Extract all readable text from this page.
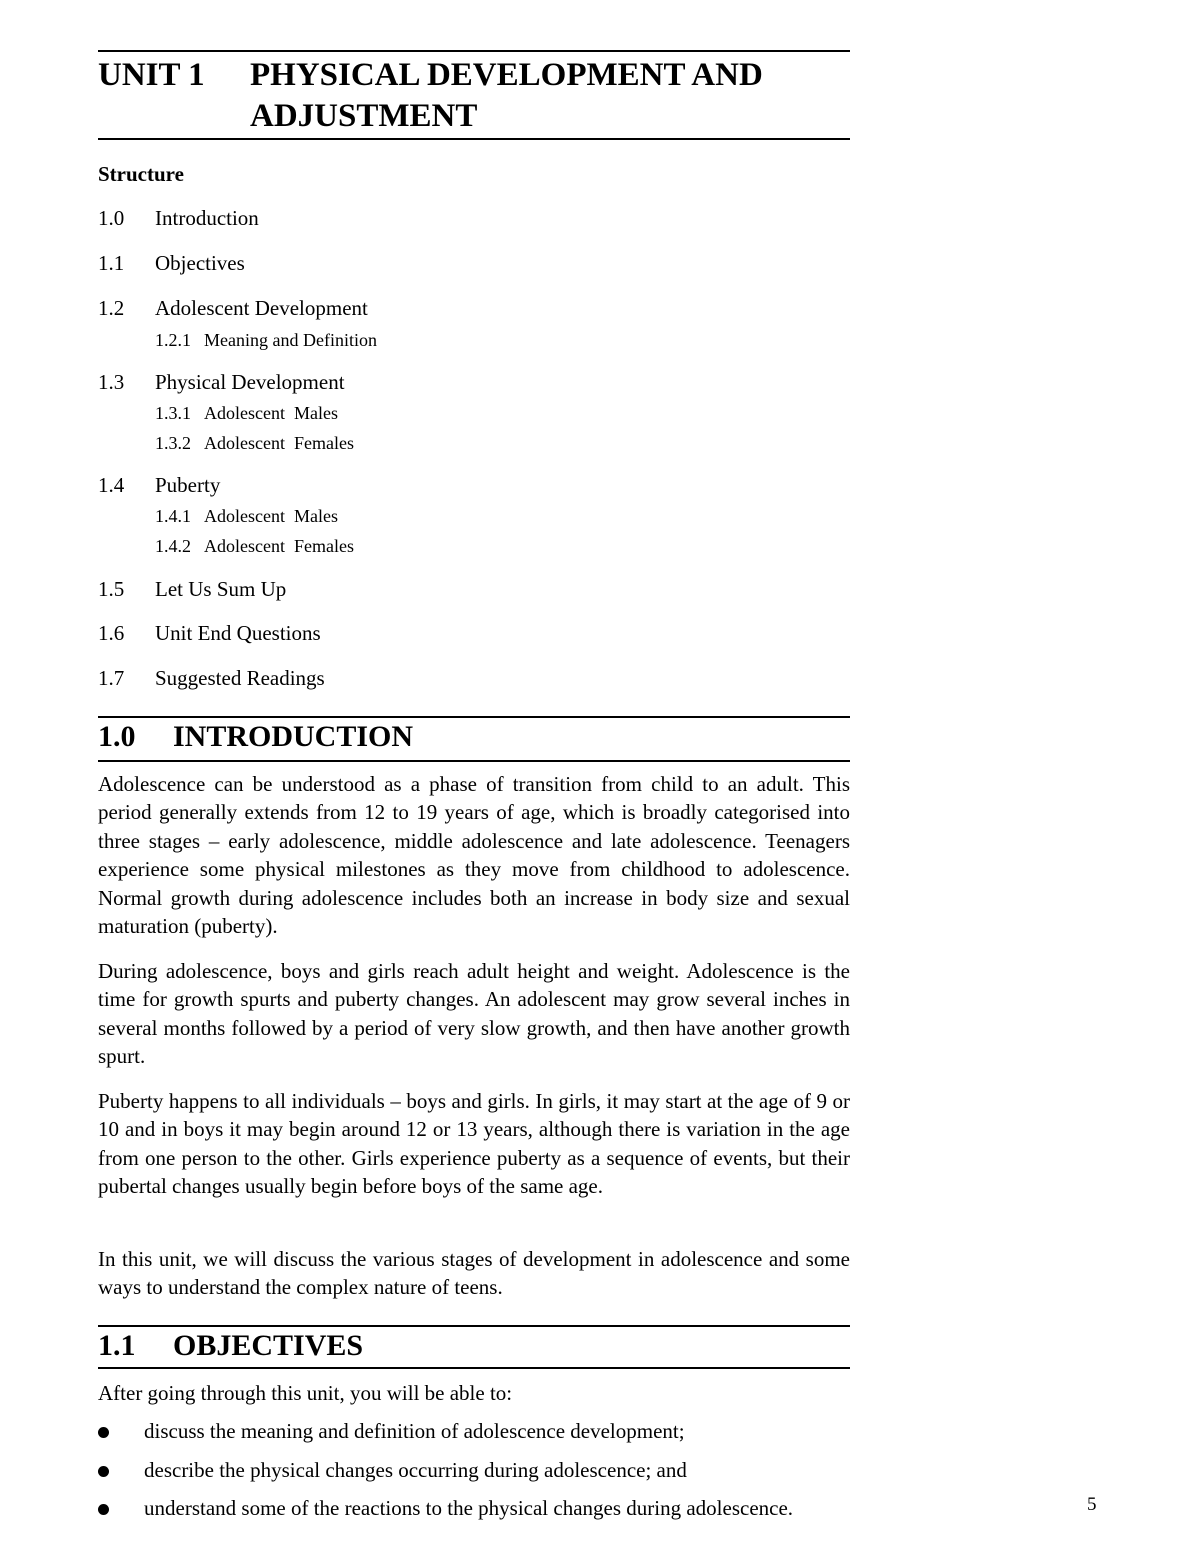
UNIT 1 PHYSICAL DEVELOPMENT AND
ADJUSTMENT
Structure
1.0 Introduction
1.1 Objectives
1.2 Adolescent Development
1.2.1 Meaning and Definition
1.3 Physical Development
1.3.1 Adolescent  Males
1.3.2 Adolescent  Females
1.4 Puberty
1.4.1 Adolescent  Males
1.4.2 Adolescent  Females
1.5 Let Us Sum Up
1.6 Unit End Questions
1.7 Suggested Readings
1.0 INTRODUCTION
Adolescence can be understood as a phase of transition from child to an adult. This period generally extends from 12 to 19 years of age, which is broadly categorised into three stages – early adolescence, middle adolescence and late adolescence. Teenagers experience some physical milestones as they move from childhood to adolescence. Normal growth during adolescence includes both an increase in body size and sexual maturation (puberty).
During adolescence, boys and girls reach adult height and weight. Adolescence is the time for growth spurts and puberty changes. An adolescent may grow several inches in several months followed by a period of very slow growth, and then have another growth spurt.
Puberty happens to all individuals – boys and girls. In girls, it may start at the age of 9 or 10 and in boys it may begin around 12 or 13 years, although there is variation in the age from one person to the other. Girls experience puberty as a sequence of events, but their pubertal changes usually begin before boys of the same age.
In this unit, we will discuss the various stages of development in adolescence and some ways to understand the complex nature of teens.
1.1 OBJECTIVES
After going through this unit, you will be able to:
discuss the meaning and definition of adolescence development;
describe the physical changes occurring during adolescence; and
understand some of the reactions to the physical changes during adolescence.	5
